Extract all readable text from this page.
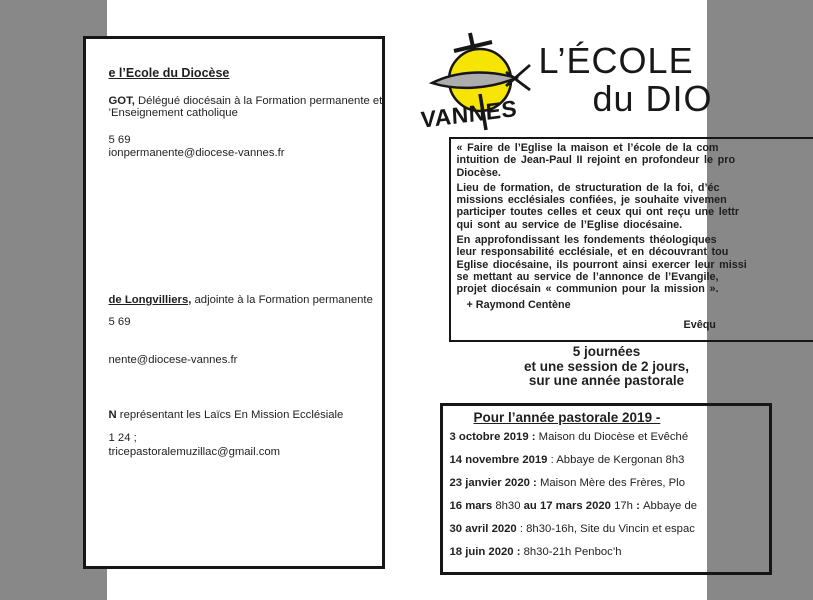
e l’Ecole du Diocèse
GOT, Délégué diocésain à la Formation permanente et
’Enseignement catholique
5 69
ionpermanente@diocese-vannes.fr
de Longvilliers, adjointe à la Formation permanente
5 69
nente@diocese-vannes.fr
N représentant les Laïcs En Mission Ecclésiale
1 24 ;
tricepastoralemuzillac@gmail.com
VANNES
L’ÉCOLE
du DIO

« Faire de l’Eglise la maison et l’école de la com
intuition de Jean-Paul II rejoint en profondeur le pro
Diocèse.

Lieu de formation, de structuration de la foi, d’éc
missions ecclésiales confiées, je souhaite vivemen
participer toutes celles et ceux qui ont reçu une lettr
qui sont au service de l’Eglise diocésaine.

En approfondissant les fondements théologiques
leur responsabilité ecclésiale, et en découvrant tou
Eglise diocésaine, ils pourront ainsi exercer leur missi
se mettant au service de l’annonce de l’Evangile,
projet diocésain « communion pour la mission ».

+ Raymond Centène
Evêqu
5 journées
et une session de 2 jours,
sur une année pastorale
Pour l’année pastorale 2019 -
3 octobre 2019 : Maison du Diocèse et Evêché
14 novembre 2019 : Abbaye de Kergonan 8h3
23 janvier 2020 : Maison Mère des Frères, Plo
16 mars 8h30 au 17 mars 2020 17h : Abbaye de
30 avril 2020 : 8h30-16h, Site du Vincin et espac
18 juin 2020 : 8h30-21h Penboc’h
